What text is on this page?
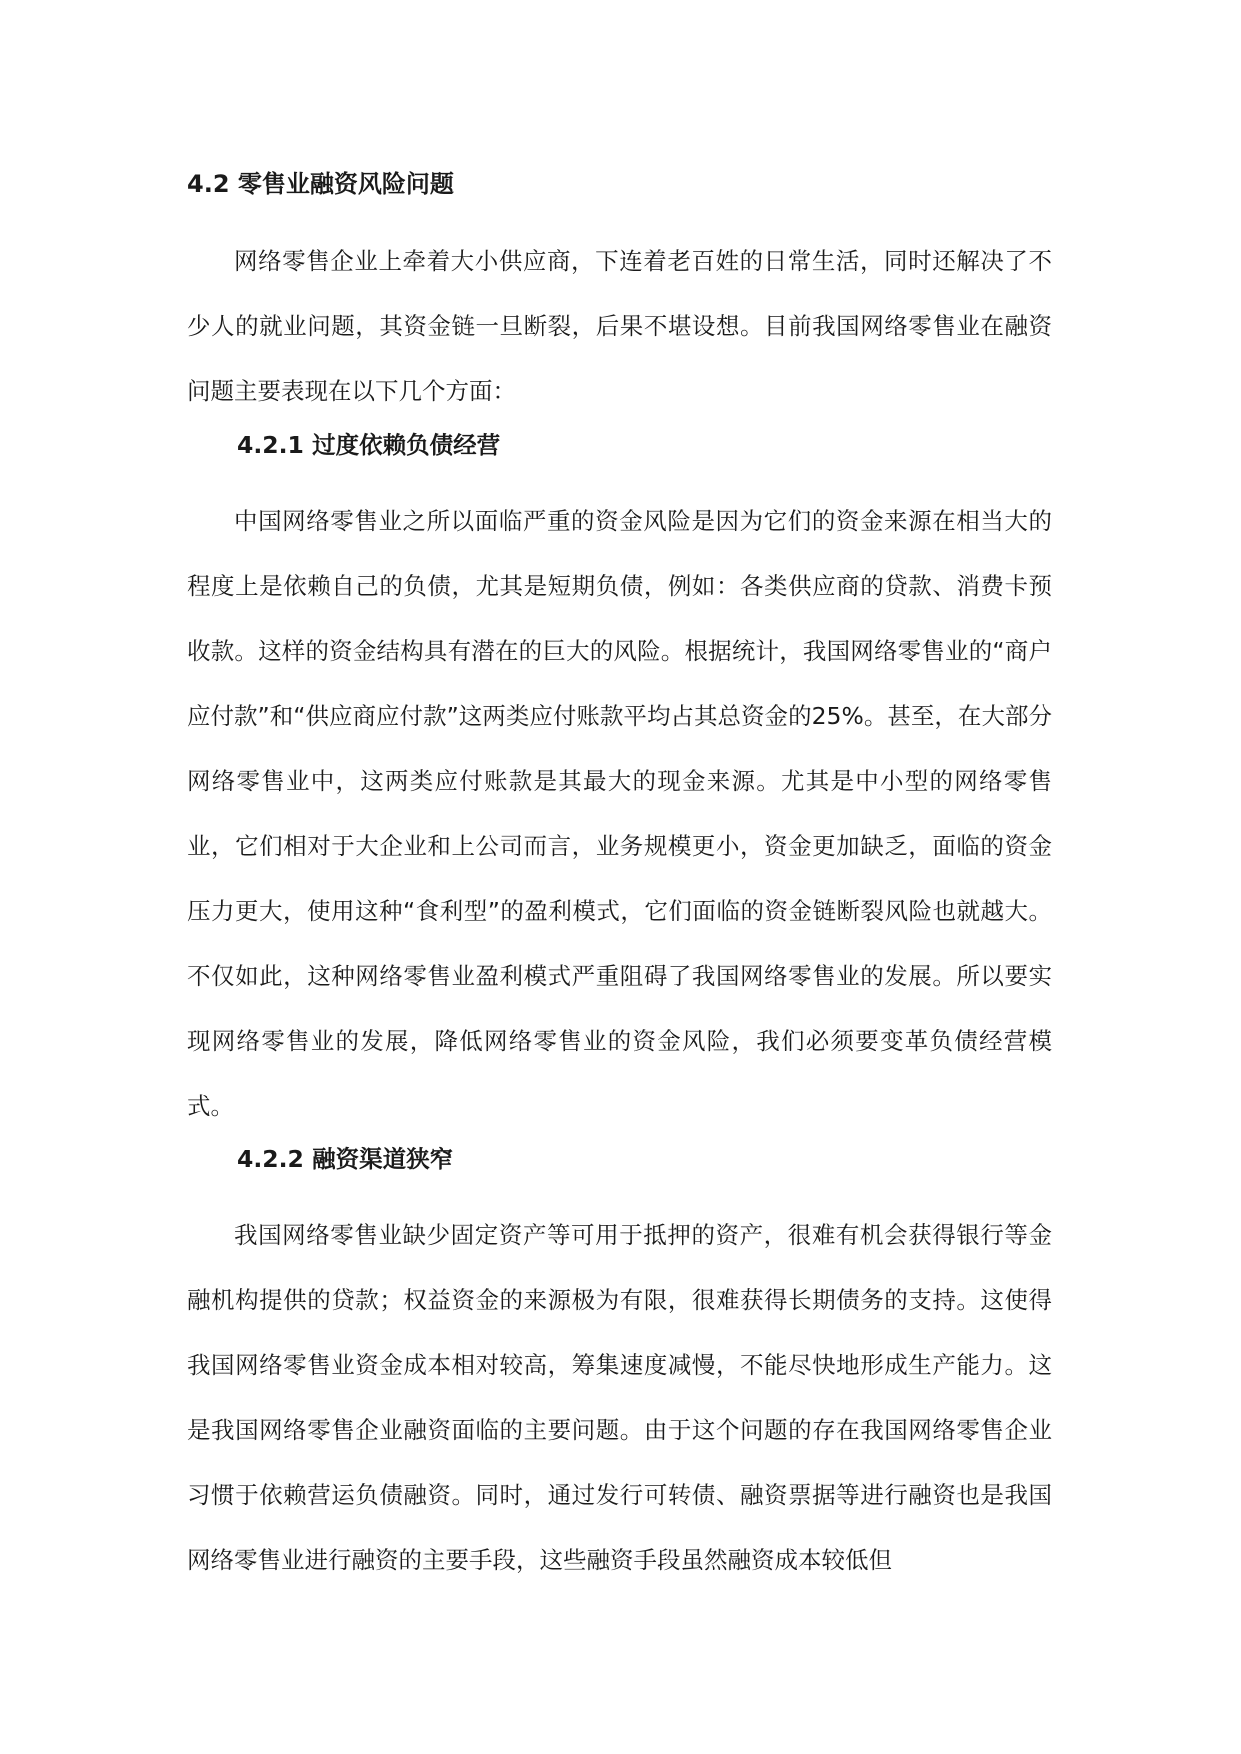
4.2 零售业融资风险问题

网络零售企业上牵着大小供应商，下连着老百姓的日常生活，同时还解决了不少人的就业问题，其资金链一旦断裂，后果不堪设想。目前我国网络零售业在融资问题主要表现在以下几个方面：

4.2.1 过度依赖负债经营

中国网络零售业之所以面临严重的资金风险是因为它们的资金来源在相当大的程度上是依赖自己的负债，尤其是短期负债，例如：各类供应商的贷款、消费卡预收款。这样的资金结构具有潜在的巨大的风险。根据统计，我国网络零售业的“商户应付款”和“供应商应付款”这两类应付账款平均占其总资金的25%。甚至，在大部分网络零售业中，这两类应付账款是其最大的现金来源。尤其是中小型的网络零售业，它们相对于大企业和上公司而言，业务规模更小，资金更加缺乏，面临的资金压力更大，使用这种“食利型”的盈利模式，它们面临的资金链断裂风险也就越大。不仅如此，这种网络零售业盈利模式严重阻碍了我国网络零售业的发展。所以要实现网络零售业的发展，降低网络零售业的资金风险，我们必须要变革负债经营模式。

4.2.2 融资渠道狭窄

我国网络零售业缺少固定资产等可用于抵押的资产，很难有机会获得银行等金融机构提供的贷款；权益资金的来源极为有限，很难获得长期债务的支持。这使得我国网络零售业资金成本相对较高，筹集速度减慢，不能尽快地形成生产能力。这是我国网络零售企业融资面临的主要问题。由于这个问题的存在我国网络零售企业习惯于依赖营运负债融资。同时，通过发行可转债、融资票据等进行融资也是我国网络零售业进行融资的主要手段，这些融资手段虽然融资成本较低但
